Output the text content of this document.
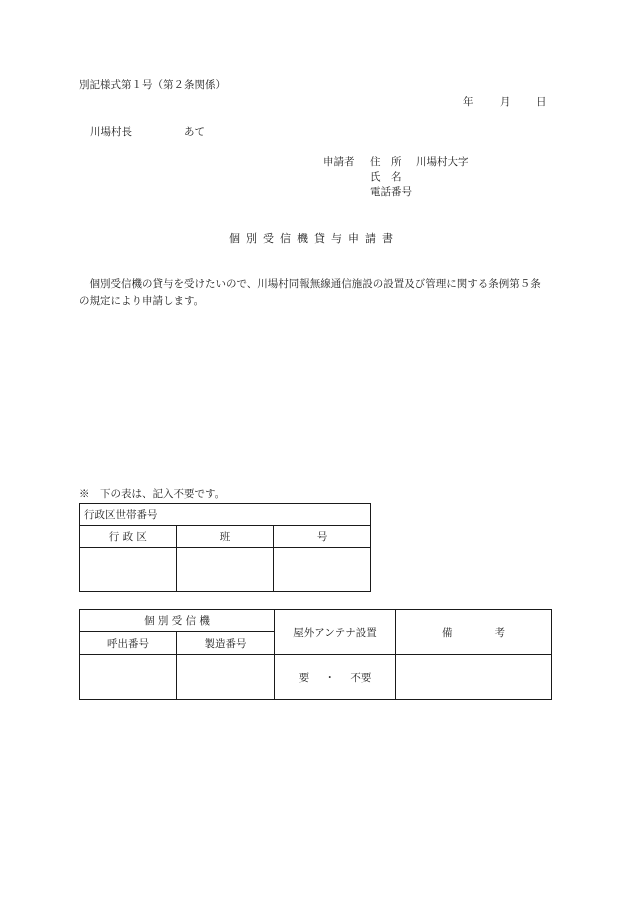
別記様式第１号（第２条関係）
年	月 日
川場村長	あて
申請者 住　所 川場村大字
氏　名
電話番号
個別受信機貸与申請書
個別受信機の貸与を受けたいので、川場村同報無線通信施設の設置及び管理に関する条例第５条の規定により申請します。
※　下の表は、記入不要です。
行政区世帯番号		
行 政 区	班	号

個 別 受 信 機		屋外アンテナ設置	備　　　　考
呼出番号	製造番号		
		要 ・ 不要	
